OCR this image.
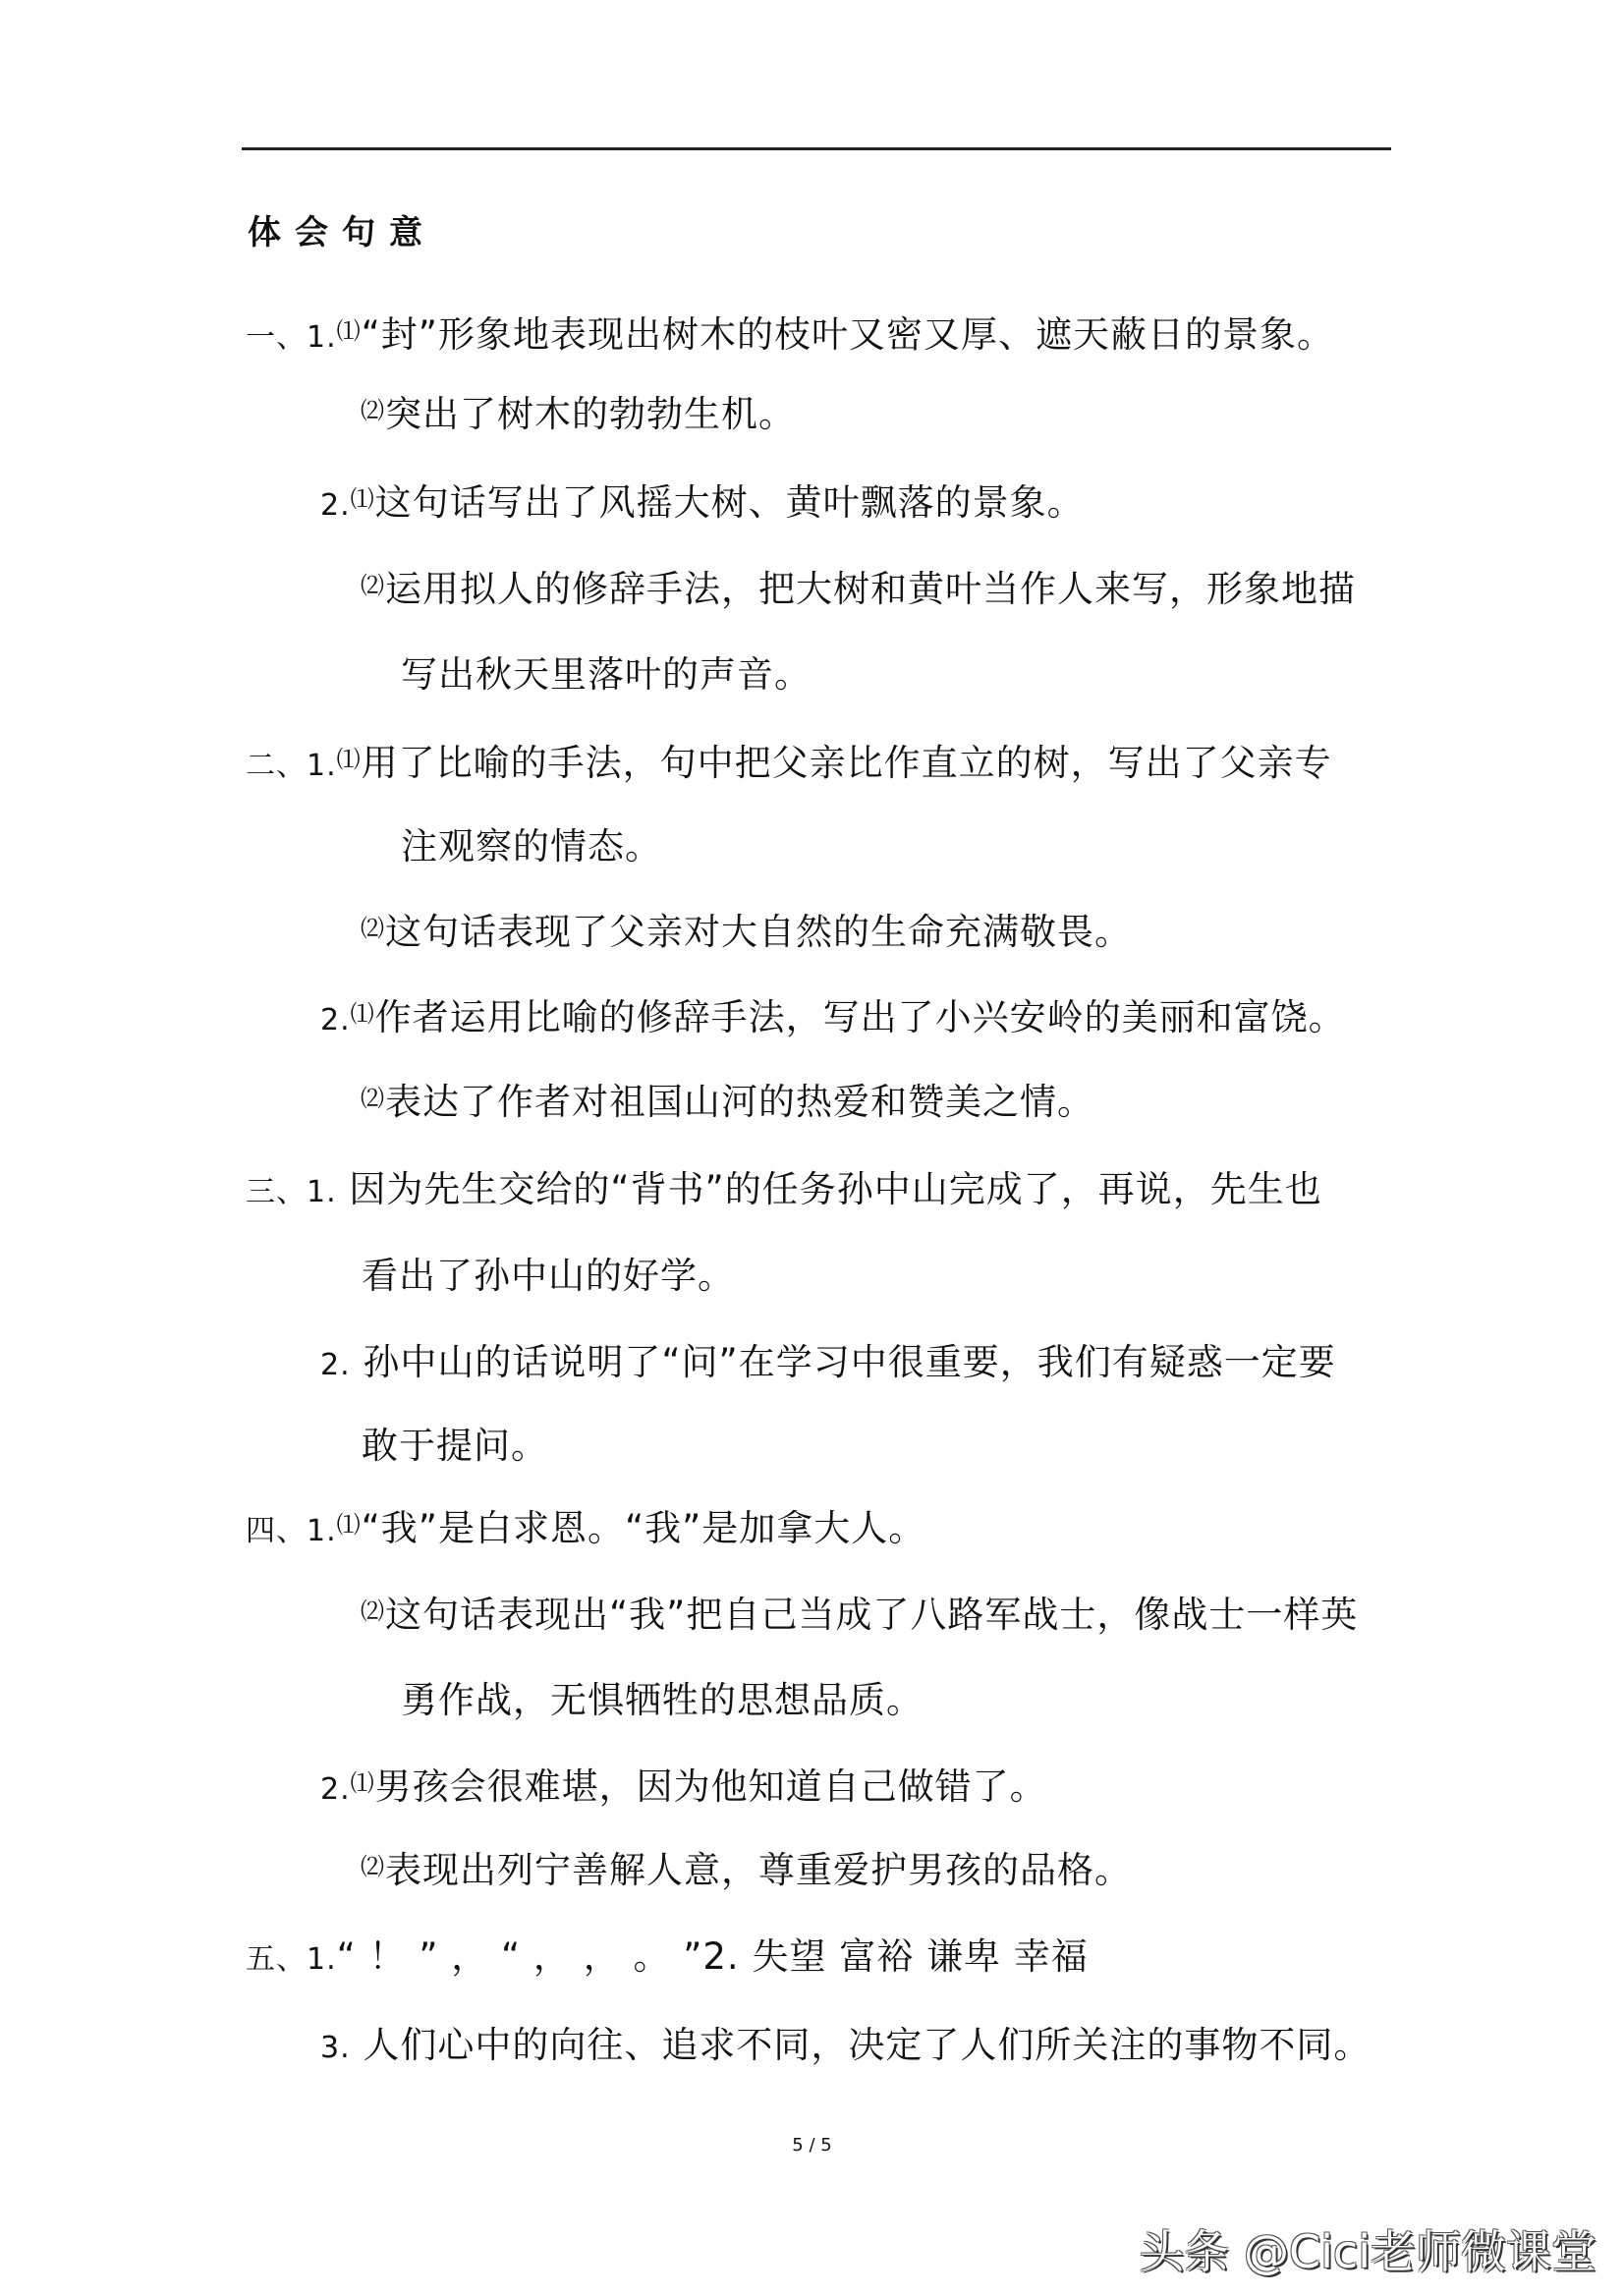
体会句意
一、1.⑴“封”形象地表现出树木的枝叶又密又厚、遮天蔽日的景象。
⑵突出了树木的勃勃生机。
2.⑴这句话写出了风摇大树、黄叶飘落的景象。
⑵运用拟人的修辞手法，把大树和黄叶当作人来写，形象地描
写出秋天里落叶的声音。
二、1.⑴用了比喻的手法，句中把父亲比作直立的树，写出了父亲专
注观察的情态。
⑵这句话表现了父亲对大自然的生命充满敬畏。
2.⑴作者运用比喻的修辞手法，写出了小兴安岭的美丽和富饶。
⑵表达了作者对祖国山河的热爱和赞美之情。
三、1. 因为先生交给的“背书”的任务孙中山完成了，再说，先生也
看出了孙中山的好学。
2. 孙中山的话说明了“问”在学习中很重要，我们有疑惑一定要
敢于提问。
四、1.⑴“我”是白求恩。“我”是加拿大人。
⑵这句话表现出“我”把自己当成了八路军战士，像战士一样英
勇作战，无惧牺牲的思想品质。
2.⑴男孩会很难堪，因为他知道自己做错了。
⑵表现出列宁善解人意，尊重爱护男孩的品格。
五、1.“ ！ ” ， “ ， ， 。 ”2. 失望 富裕 谦卑 幸福
3. 人们心中的向往、追求不同，决定了人们所关注的事物不同。
5 / 5
头条 @Cici老师微课堂
